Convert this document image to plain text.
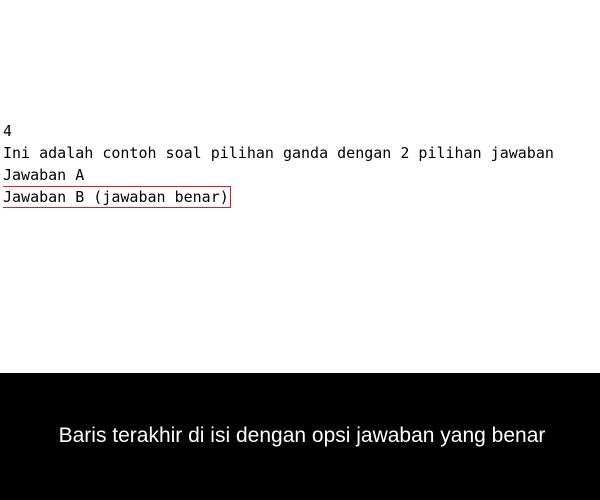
4
Ini adalah contoh soal pilihan ganda dengan 2 pilihan jawaban
Jawaban A
Jawaban B (jawaban benar)
Baris terakhir di isi dengan opsi jawaban yang benar
